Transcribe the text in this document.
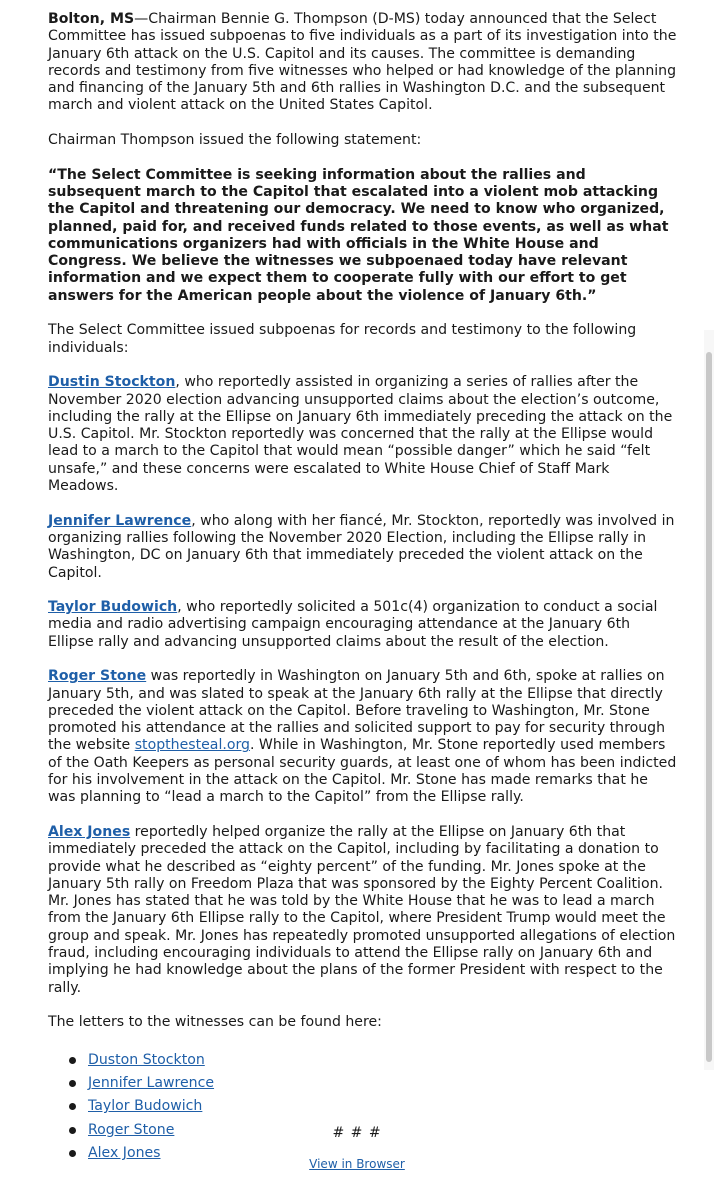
Bolton, MS—Chairman Bennie G. Thompson (D-MS) today announced that the Select Committee has issued subpoenas to five individuals as a part of its investigation into the January 6th attack on the U.S. Capitol and its causes. The committee is demanding records and testimony from five witnesses who helped or had knowledge of the planning and financing of the January 5th and 6th rallies in Washington D.C. and the subsequent march and violent attack on the United States Capitol.

Chairman Thompson issued the following statement:

“The Select Committee is seeking information about the rallies and subsequent march to the Capitol that escalated into a violent mob attacking the Capitol and threatening our democracy. We need to know who organized, planned, paid for, and received funds related to those events, as well as what communications organizers had with officials in the White House and Congress. We believe the witnesses we subpoenaed today have relevant information and we expect them to cooperate fully with our effort to get answers for the American people about the violence of January 6th.”

The Select Committee issued subpoenas for records and testimony to the following individuals:

Dustin Stockton, who reportedly assisted in organizing a series of rallies after the November 2020 election advancing unsupported claims about the election’s outcome, including the rally at the Ellipse on January 6th immediately preceding the attack on the U.S. Capitol. Mr. Stockton reportedly was concerned that the rally at the Ellipse would lead to a march to the Capitol that would mean “possible danger” which he said “felt unsafe,” and these concerns were escalated to White House Chief of Staff Mark Meadows.

Jennifer Lawrence, who along with her fiancé, Mr. Stockton, reportedly was involved in organizing rallies following the November 2020 Election, including the Ellipse rally in Washington, DC on January 6th that immediately preceded the violent attack on the Capitol.

Taylor Budowich, who reportedly solicited a 501c(4) organization to conduct a social media and radio advertising campaign encouraging attendance at the January 6th Ellipse rally and advancing unsupported claims about the result of the election.

Roger Stone was reportedly in Washington on January 5th and 6th, spoke at rallies on January 5th, and was slated to speak at the January 6th rally at the Ellipse that directly preceded the violent attack on the Capitol. Before traveling to Washington, Mr. Stone promoted his attendance at the rallies and solicited support to pay for security through the website stopthesteal.org. While in Washington, Mr. Stone reportedly used members of the Oath Keepers as personal security guards, at least one of whom has been indicted for his involvement in the attack on the Capitol. Mr. Stone has made remarks that he was planning to “lead a march to the Capitol” from the Ellipse rally.

Alex Jones reportedly helped organize the rally at the Ellipse on January 6th that immediately preceded the attack on the Capitol, including by facilitating a donation to provide what he described as “eighty percent” of the funding. Mr. Jones spoke at the January 5th rally on Freedom Plaza that was sponsored by the Eighty Percent Coalition. Mr. Jones has stated that he was told by the White House that he was to lead a march from the January 6th Ellipse rally to the Capitol, where President Trump would meet the group and speak. Mr. Jones has repeatedly promoted unsupported allegations of election fraud, including encouraging individuals to attend the Ellipse rally on January 6th and implying he had knowledge about the plans of the former President with respect to the rally.

The letters to the witnesses can be found here:

Duston Stockton
Jennifer Lawrence
Taylor Budowich
Roger Stone
Alex Jones
# # #
View in Browser
